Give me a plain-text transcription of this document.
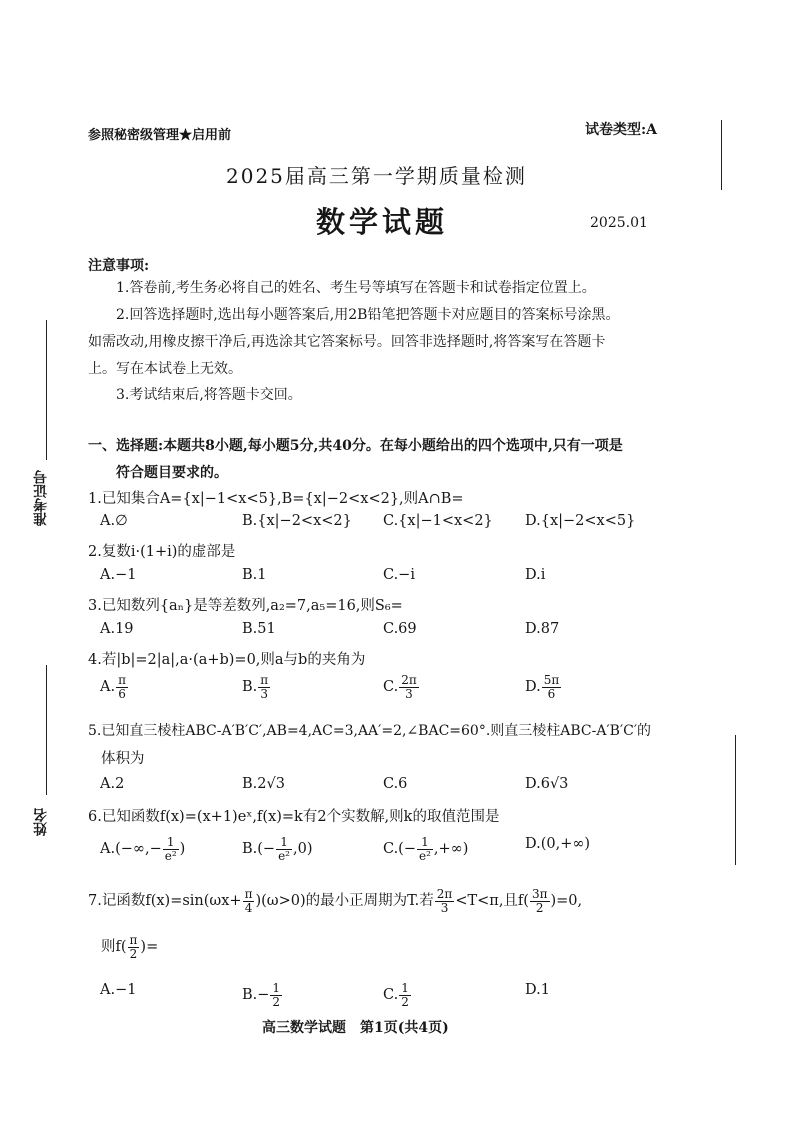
准考证号
姓名
参照秘密级管理★启用前	试卷类型:A
2025届高三第一学期质量检测
数学试题	2025.01
注意事项:
1.答卷前,考生务必将自己的姓名、考生号等填写在答题卡和试卷指定位置上。
2.回答选择题时,选出每小题答案后,用2B铅笔把答题卡对应题目的答案标号涂黑。
如需改动,用橡皮擦干净后,再选涂其它答案标号。回答非选择题时,将答案写在答题卡
上。写在本试卷上无效。
3.考试结束后,将答题卡交回。
一、选择题:本题共8小题,每小题5分,共40分。在每小题给出的四个选项中,只有一项是
符合题目要求的。
1.已知集合A={x|−1<x<5},B={x|−2<x<2},则A∩B=
A.∅	B.{x|−2<x<2} C.{x|−1<x<2} D.{x|−2<x<5}
2.复数i·(1+i)的虚部是
A.−1	B.1	C.−i	D.i
3.已知数列{aₙ}是等差数列,a₂=7,a₅=16,则S₆=
A.19	B.51	C.69	D.87
4.若|b|=2|a|,a·(a+b)=0,则a与b的夹角为
A. $\frac{\pi}{6}$	B. $\frac{\pi}{3}$	C. $\frac{2\pi}{3}$	D. $\frac{5\pi}{6}$
5.已知直三棱柱ABC-A′B′C′,AB=4,AC=3,AA′=2,∠BAC=60°.则直三棱柱ABC-A′B′C′的
体积为
A.2	B.2√3	C.6	D.6√3
6.已知函数f(x)=(x+1)eˣ,f(x)=k有2个实数解,则k的取值范围是
$A.(-\infty,- \frac{1}{\text{e²}}$ )	$B.(- \frac{1}{\text{e²}} ,0)$	$C.(- \frac{1}{\text{e²}}$ ,+∞)	D.(0,+∞)
7.记函数$f(x)=\sin(\omega x+ \frac{\pi}{4} )(\omega>0)$的最小正周期为T.若 $\frac{2\pi}{3} <T<\pi$,且$f( \frac{3\pi}{2} )=0$,
则$f( \frac{\pi}{2}$ )=
A.−1	$B.- \frac{1}{2}$	C. $\frac{1}{2}$	D.1
高三数学试题　第1页(共4页)
